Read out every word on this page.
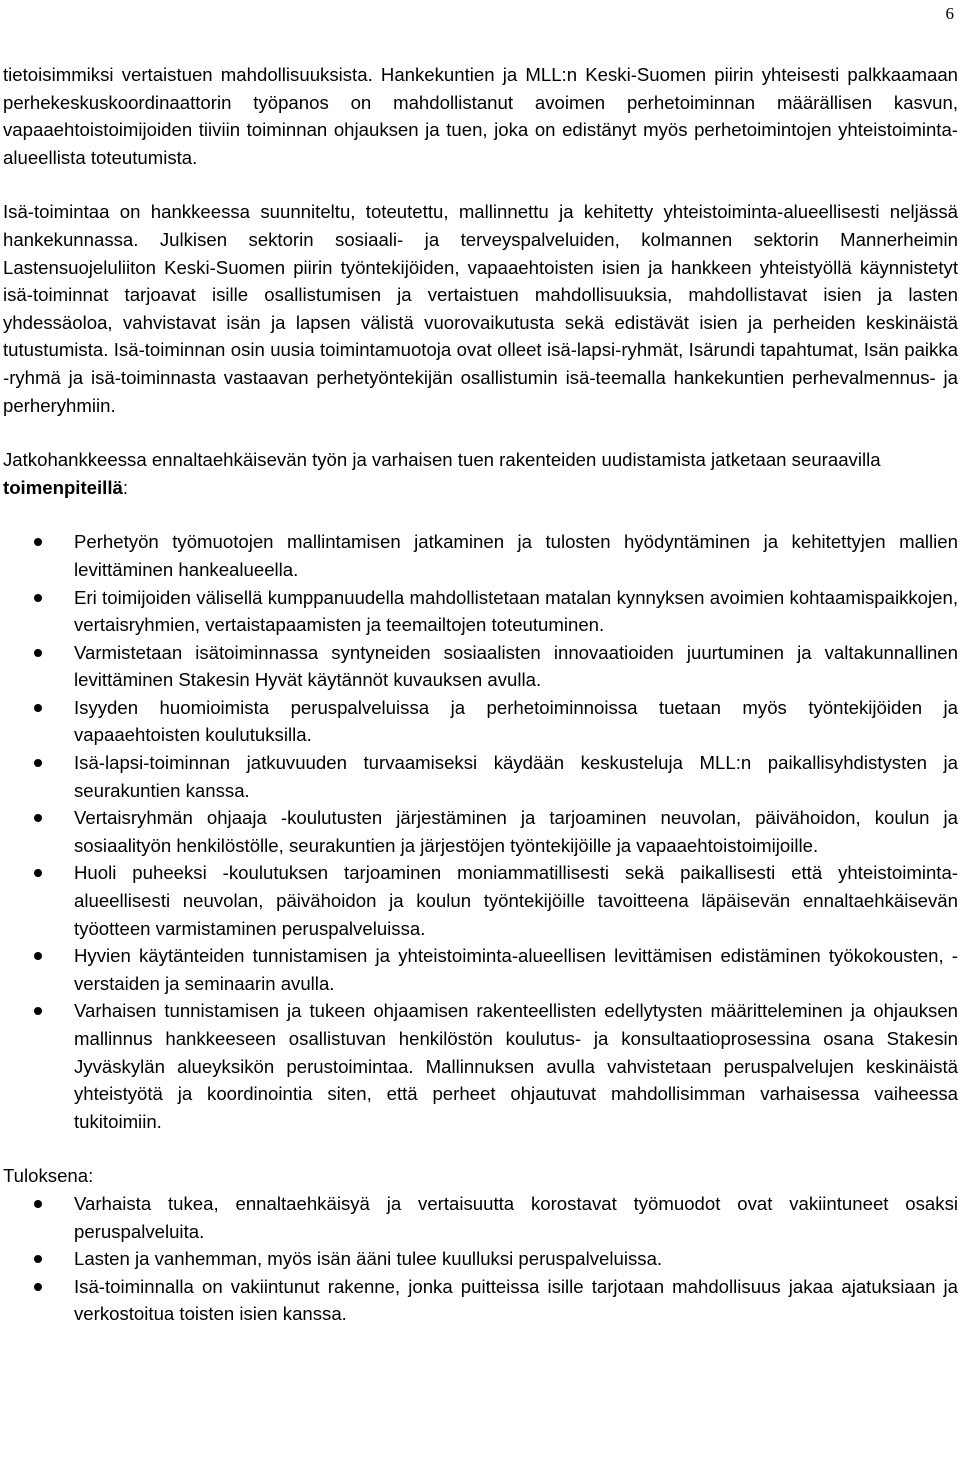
6

tietoisimmiksi vertaistuen mahdollisuuksista. Hankekuntien ja MLL:n Keski-Suomen piirin yhteisesti palkkaamaan perhekeskuskoordinaattorin työpanos on mahdollistanut avoimen perhetoiminnan määrällisen kasvun, vapaaehtoistoimijoiden tiiviin toiminnan ohjauksen ja tuen, joka on edistänyt myös perhetoimintojen yhteistoiminta-alueellista toteutumista.

Isä-toimintaa on hankkeessa suunniteltu, toteutettu, mallinnettu ja kehitetty yhteistoiminta-alueellisesti neljässä hankekunnassa. Julkisen sektorin sosiaali- ja terveyspalveluiden, kolmannen sektorin Mannerheimin Lastensuojeluliiton Keski-Suomen piirin työntekijöiden, vapaaehtoisten isien ja hankkeen yhteistyöllä käynnistetyt isä-toiminnat tarjoavat isille osallistumisen ja vertaistuen mahdollisuuksia, mahdollistavat isien ja lasten yhdessäoloa, vahvistavat isän ja lapsen välistä vuorovaikutusta sekä edistävät isien ja perheiden keskinäistä tutustumista. Isä-toiminnan osin uusia toimintamuotoja ovat olleet isä-lapsi-ryhmät, Isärundi tapahtumat, Isän paikka -ryhmä ja isä-toiminnasta vastaavan perhetyöntekijän osallistumin isä-teemalla hankekuntien perhevalmennus- ja perheryhmiin.

Jatkohankkeessa ennaltaehkäisevän työn ja varhaisen tuen rakenteiden uudistamista jatketaan seuraavilla toimenpiteillä:

Perhetyön työmuotojen mallintamisen jatkaminen ja tulosten hyödyntäminen ja kehitettyjen mallien levittäminen hankealueella.
Eri toimijoiden välisellä kumppanuudella mahdollistetaan matalan kynnyksen avoimien kohtaamispaikkojen, vertaisryhmien, vertaistapaamisten ja teemailtojen toteutuminen.
Varmistetaan isätoiminnassa syntyneiden sosiaalisten innovaatioiden juurtuminen ja valtakunnallinen levittäminen Stakesin Hyvät käytännöt kuvauksen avulla.
Isyyden huomioimista peruspalveluissa ja perhetoiminnoissa tuetaan myös työntekijöiden ja vapaaehtoisten koulutuksilla.
Isä-lapsi-toiminnan jatkuvuuden turvaamiseksi käydään keskusteluja MLL:n paikallisyhdistysten ja seurakuntien kanssa.
Vertaisryhmän ohjaaja -koulutusten järjestäminen ja tarjoaminen neuvolan, päivähoidon, koulun ja sosiaalityön henkilöstölle, seurakuntien ja järjestöjen työntekijöille ja vapaaehtoistoimijoille.
Huoli puheeksi -koulutuksen tarjoaminen moniammatillisesti sekä paikallisesti että yhteistoiminta-alueellisesti neuvolan, päivähoidon ja koulun työntekijöille tavoitteena läpäisevän ennaltaehkäisevän työotteen varmistaminen peruspalveluissa.
Hyvien käytänteiden tunnistamisen ja yhteistoiminta-alueellisen levittämisen edistäminen työkokousten, -verstaiden ja seminaarin avulla.
Varhaisen tunnistamisen ja tukeen ohjaamisen rakenteellisten edellytysten määritteleminen ja ohjauksen mallinnus hankkeeseen osallistuvan henkilöstön koulutus- ja konsultaatioprosessina osana Stakesin Jyväskylän alueyksikön perustoimintaa. Mallinnuksen avulla vahvistetaan peruspalvelujen keskinäistä yhteistyötä ja koordinointia siten, että perheet ohjautuvat mahdollisimman varhaisessa vaiheessa tukitoimiin.

Tuloksena:

Varhaista tukea, ennaltaehkäisyä ja vertaisuutta korostavat työmuodot ovat vakiintuneet osaksi peruspalveluita.
Lasten ja vanhemman, myös isän ääni tulee kuulluksi peruspalveluissa.
Isä-toiminnalla on vakiintunut rakenne, jonka puitteissa isille tarjotaan mahdollisuus jakaa ajatuksiaan ja verkostoitua toisten isien kanssa.
